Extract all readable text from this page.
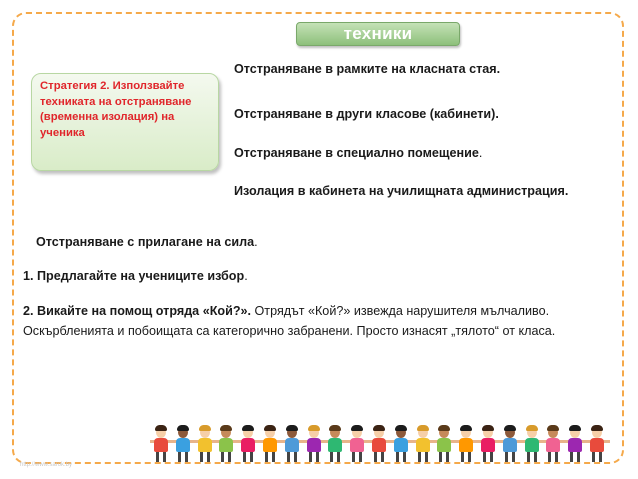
техники
Стратегия 2. Използвайте техниката на отстраняване (временна изолация) на ученика
Отстраняване в рамките на класната стая.
Отстраняване в други класове (кабинети).
Отстраняване в специално помещение.
Изолация в кабинета на училищната администрация.
Отстраняване с прилагане на сила.
1. Предлагайте на учениците избор.
2. Викайте на помощ отряда «Кой?». Отрядът «Кой?» извежда нарушителя мълчаливо. Оскърбленията и побоищата са категорично забранени. Просто изнасят „тялото“ от класа.
http://www.sarok.by
